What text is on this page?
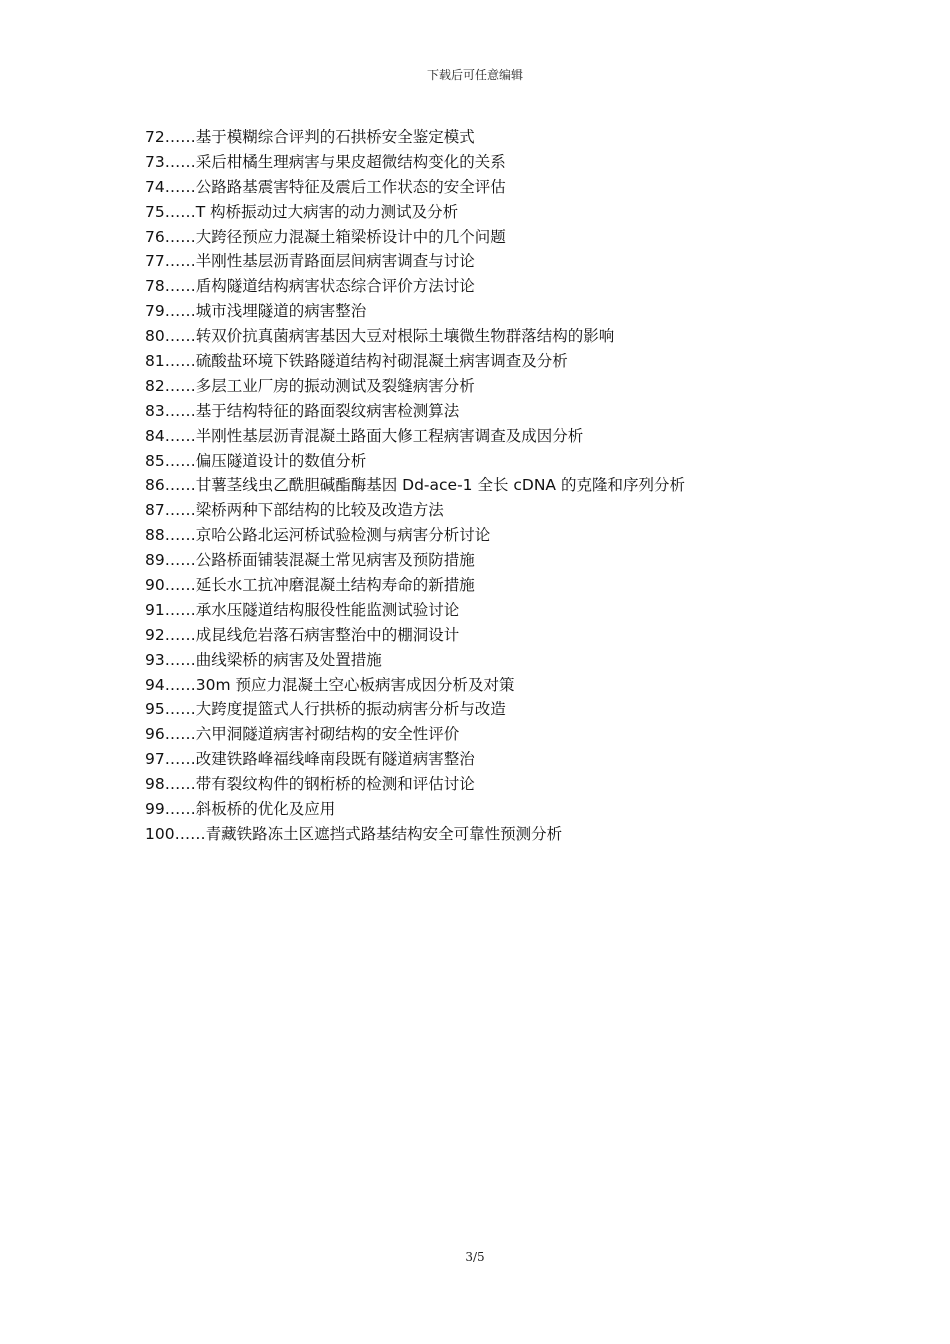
下载后可任意编辑
72……基于模糊综合评判的石拱桥安全鉴定模式
73……采后柑橘生理病害与果皮超微结构变化的关系
74……公路路基震害特征及震后工作状态的安全评估
75……T 构桥振动过大病害的动力测试及分析
76……大跨径预应力混凝土箱梁桥设计中的几个问题
77……半刚性基层沥青路面层间病害调查与讨论
78……盾构隧道结构病害状态综合评价方法讨论
79……城市浅埋隧道的病害整治
80……转双价抗真菌病害基因大豆对根际土壤微生物群落结构的影响
81……硫酸盐环境下铁路隧道结构衬砌混凝土病害调查及分析
82……多层工业厂房的振动测试及裂缝病害分析
83……基于结构特征的路面裂纹病害检测算法
84……半刚性基层沥青混凝土路面大修工程病害调查及成因分析
85……偏压隧道设计的数值分析
86……甘薯茎线虫乙酰胆碱酯酶基因 Dd-ace-1 全长 cDNA 的克隆和序列分析
87……梁桥两种下部结构的比较及改造方法
88……京哈公路北运河桥试验检测与病害分析讨论
89……公路桥面铺装混凝土常见病害及预防措施
90……延长水工抗冲磨混凝土结构寿命的新措施
91……承水压隧道结构服役性能监测试验讨论
92……成昆线危岩落石病害整治中的棚洞设计
93……曲线梁桥的病害及处置措施
94……30m 预应力混凝土空心板病害成因分析及对策
95……大跨度提篮式人行拱桥的振动病害分析与改造
96……六甲洞隧道病害衬砌结构的安全性评价
97……改建铁路峰福线峰南段既有隧道病害整治
98……带有裂纹构件的钢桁桥的检测和评估讨论
99……斜板桥的优化及应用
100……青藏铁路冻土区遮挡式路基结构安全可靠性预测分析
3/5
